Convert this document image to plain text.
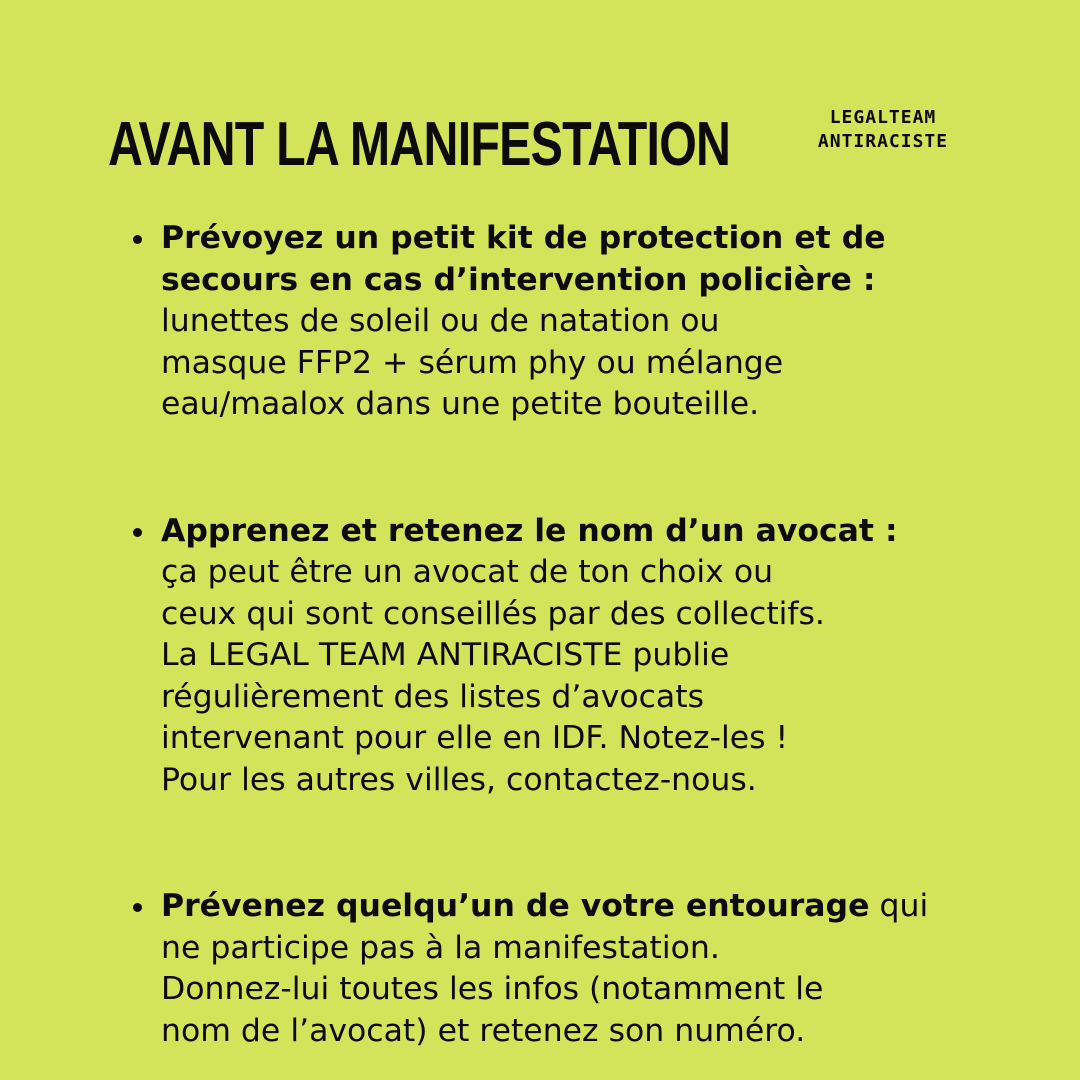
AVANT LA MANIFESTATION	LEGALTEAM
ANTIRACISTE
Prévoyez un petit kit de protection et de
secours en cas d’intervention policière :
lunettes de soleil ou de natation ou
masque FFP2 + sérum phy ou mélange
eau/maalox dans une petite bouteille.
Apprenez et retenez le nom d’un avocat :
ça peut être un avocat de ton choix ou
ceux qui sont conseillés par des collectifs.
La LEGAL TEAM ANTIRACISTE publie
régulièrement des listes d’avocats
intervenant pour elle en IDF. Notez-les !
Pour les autres villes, contactez-nous.
Prévenez quelqu’un de votre entourage qui
ne participe pas à la manifestation.
Donnez-lui toutes les infos (notamment le
nom de l’avocat) et retenez son numéro.
